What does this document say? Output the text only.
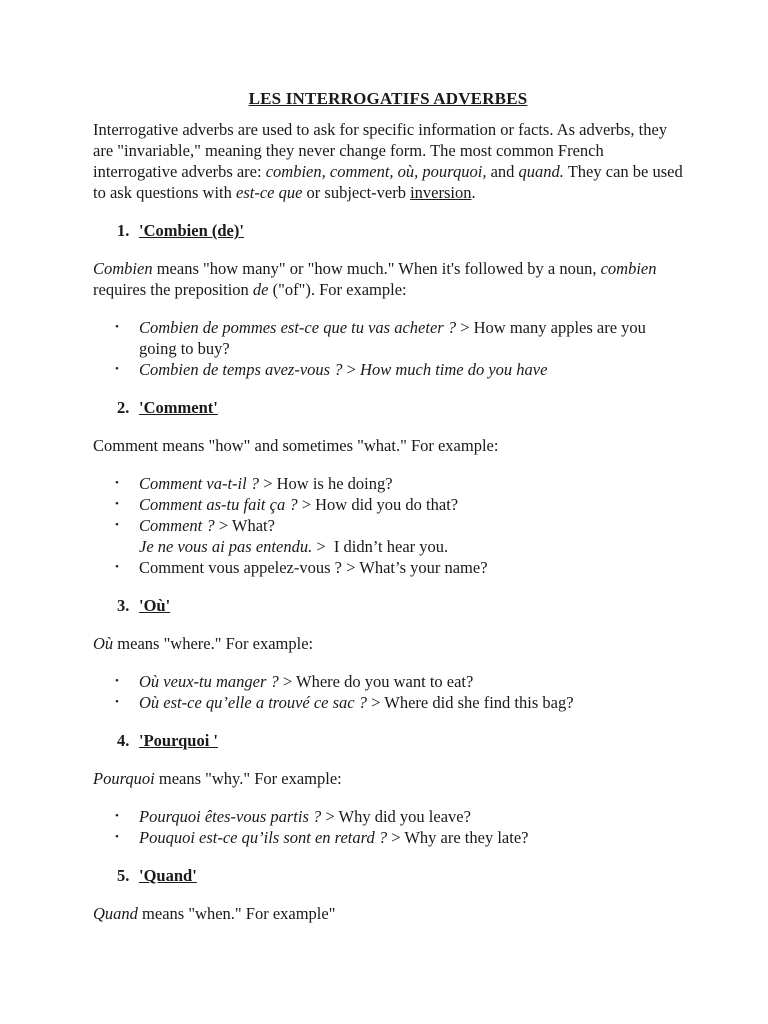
LES INTERROGATIFS ADVERBES

Interrogative adverbs are used to ask for specific information or facts. As adverbs, they are "invariable," meaning they never change form. The most common French interrogative adverbs are: combien, comment, où, pourquoi, and quand. They can be used to ask questions with est-ce que or subject-verb inversion.

1. 'Combien (de)'

Combien means "how many" or "how much." When it's followed by a noun, combien requires the preposition de ("of"). For example:

• Combien de pommes est-ce que tu vas acheter ? > How many apples are you going to buy?
• Combien de temps avez-vous ? > How much time do you have
2. 'Comment'

Comment means "how" and sometimes "what." For example:

• Comment va-t-il ? > How is he doing?
• Comment as-tu fait ça ? > How did you do that?
• Comment ? > What?
Je ne vous ai pas entendu. >  I didn’t hear you.
• Comment vous appelez-vous ? > What’s your name?
3. 'Où'

Où means "where." For example:

• Où veux-tu manger ? > Where do you want to eat?
• Où est-ce qu’elle a trouvé ce sac ? > Where did she find this bag?
4. 'Pourquoi '

Pourquoi means "why." For example:

• Pourquoi êtes-vous partis ? > Why did you leave?
• Pouquoi est-ce qu’ils sont en retard ? > Why are they late?
5. 'Quand'

Quand means "when." For example"
